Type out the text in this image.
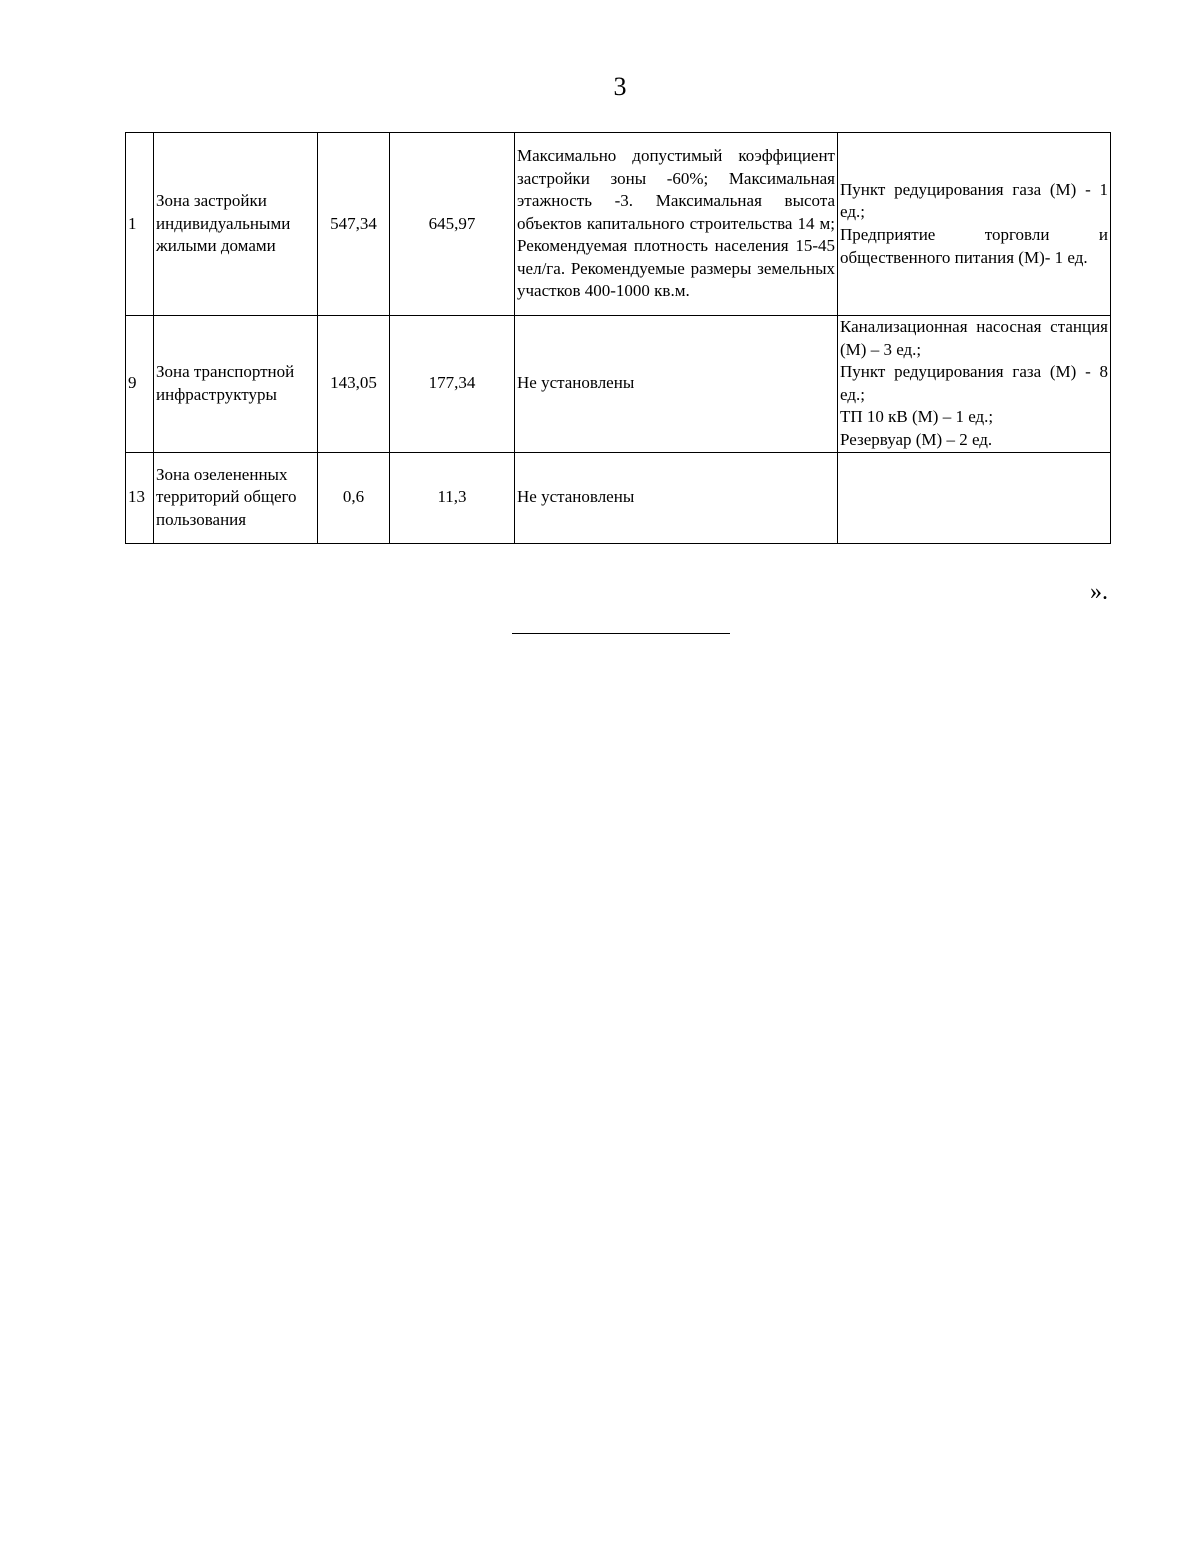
3
1	Зона застройки индивидуальными жилыми домами	547,34	645,97	Максимально допустимый коэффициент застройки зоны -60%; Максимальная этажность -3. Максимальная высота объектов капитального строительства 14 м; Рекомендуемая плотность населения 15-45 чел/га. Рекомендуемые размеры земельных участков 400-1000 кв.м.	Пункт редуцирования газа (М) - 1 ед.;
Предприятие торговли и общественного питания (М)- 1 ед.

9	Зона транспортной инфраструктуры	143,05	177,34	Не установлены	Канализационная насосная станция (М) – 3 ед.;
Пункт редуцирования газа (М) - 8 ед.;
ТП 10 кВ (М) – 1 ед.;
Резервуар (М) – 2 ед.

13	Зона озелененных территорий общего пользования	0,6	11,3	Не установлены	

».
